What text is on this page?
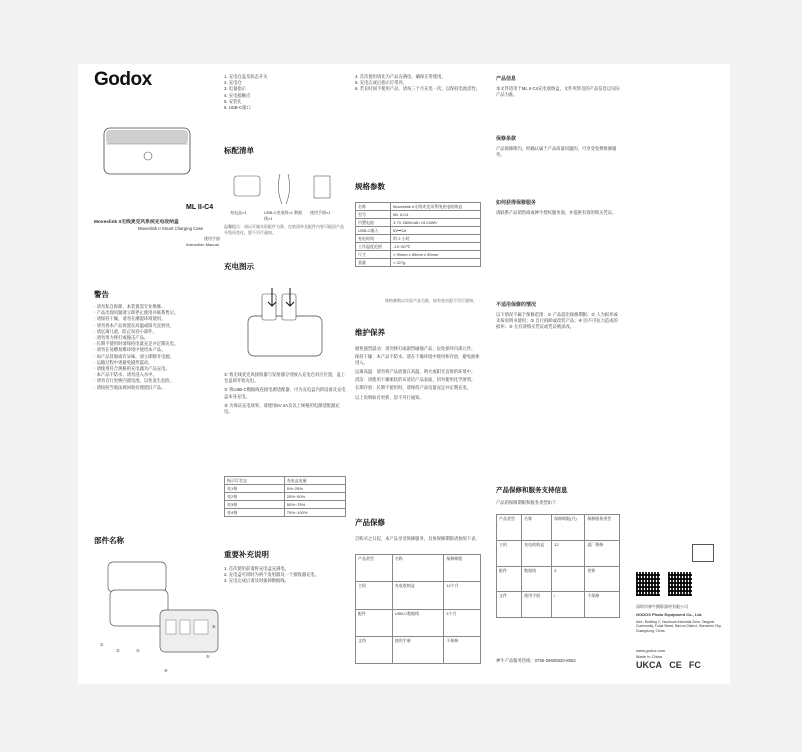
Godox
ML II-C4
Moveslink II无线麦克风系统充电收纳盒
Moveslink II Smart Charging Case
使用手册
Instruction Manual
警告
· 请勿私自拆卸，本装置需专业维修。
· 产品出现问题请立即停止使用并联系售后。
· 请保持干燥，请勿在潮湿环境使用。
· 请勿将本产品放置在高温或阳光直射处。
· 请远离儿童，防止误吞小部件。
· 请勿用力摔打或撞击产品。
· 长期不使用时请保持电量充足并定期充电。
· 请勿在易燃易爆环境中使用本产品。
· 如产品冒烟或有异味，请立即断开电源。
· 运输过程中请避免剧烈震动。
· 请使用符合规格的充电器为产品充电。
· 本产品不防水，请勿浸入水中。
· 请勿自行更换内置电池，以免发生危险。
· 请按照当地法规回收处理废旧产品。
部件名称
①
②	③
④
⑤
⑥
1. 充电仓盖及状态开关
2. 充电仓
3. 电量指示
4. 充电接触点
5. 安装孔
6. USB-C接口
标配清单
充电盒×1	USB-C充电线×1 数据线×1
使用手册×1
温馨提示：请以开箱实际配件为准。包装清单及配件内容可能因产品升级而变化，恕不另行通知。
充电图示
① 将无线麦克风接收器与发射器分别放入充电仓对应位置，盖上仓盖即开始充电。
② 将USB-C数据线连接电源适配器，可为充电盒内的设备及充电盒本身充电。
③ 为保证充电效率，请使用5V 2A及以上规格的电源适配器充电。
指示灯状态	充电盒电量
亮1格	0%~25%
亮2格	25%~50%
亮3格	50%~75%
亮4格	75%~100%
重要补充说明
1. 首次使用前请将充电盒充满电。
2. 充电盒可同时为两个发射器及一个接收器充电。
3. 充电完成后请及时拔掉数据线。
4. 首次使用请先为产品充满电，确保正常使用。
5. 充电完成后指示灯常亮。
6. 若长时间不使用产品，请每三个月充电一次，以保持电池活性。
规格参数
名称	Moveslink II无线麦克风系统充电收纳盒
型号	ML II-C4
内置电池	3.7V 2600mAh 19.24Wh
USB-C输入	5V⎓2A
充电时间	约 2 小时
工作温度范围	-10~50℃
尺寸	≈ 99mm x 69mm x 50mm
重量	≈ 227g
规格参数以实际产品为准，如有变动恕不另行通知。
维护保养
避免强烈震动：请勿摔打或剧烈碰撞产品，以免损坏内部元件。
保持干燥：本产品不防水，请在干燥环境中使用和存放，避免液体进入。
远离高温：请勿将产品放置在高温、明火或阳光直射的环境中。
清洁：请使用干燥柔软的布清洁产品表面，切勿使用化学溶剂。
长期存放：长期不使用时，请保持产品电量充足并定期充电。
以上说明如有更新，恕不另行通知。
产品保修
自购买之日起，本产品享受保修服务，具体保修期限请参阅下表。
产品类型	名称	保修期限
主机	充电收纳盒	12个月
配件	USB-C数据线	3个月
文档	使用手册	不保修
产品信息
本文件适用于ML II-C4充电收纳盒，文件所涉及的产品信息以实际产品为准。
保修条款
产品保修期内，经确认属于产品质量问题的，可享受免费维修服务。
如何获得保修服务
请联系产品销售商或神牛授权服务商，并提供有效的购买凭证。
不适用保修的情况
以下情况不属于保修范围：① 产品超出保修期限；② 人为损坏或未按说明书使用；③ 自行拆卸或改装产品；④ 因不可抗力造成的损坏；⑤ 无有效购买凭证或凭证被涂改。
产品保修和服务支持信息
产品的保修期限和服务类型如下：
产品类型	名称	保修期限(月)	保修服务类型
主机	充电收纳盒	12	返厂维修
配件	数据线	3	更换
文件	使用手册	/	不保修
神牛产品服务热线：0755-29609320-8062
深圳市神牛摄影器材有限公司
GODOX Photo Equipment Co., Ltd.
Add.: Building 2, Yaochuan Industrial Zone, Tangwei Community, Fuhai Street, Bao'an District, Shenzhen City, Guangdong, China
www.godox.com
Made In China
UKCA CE FC
